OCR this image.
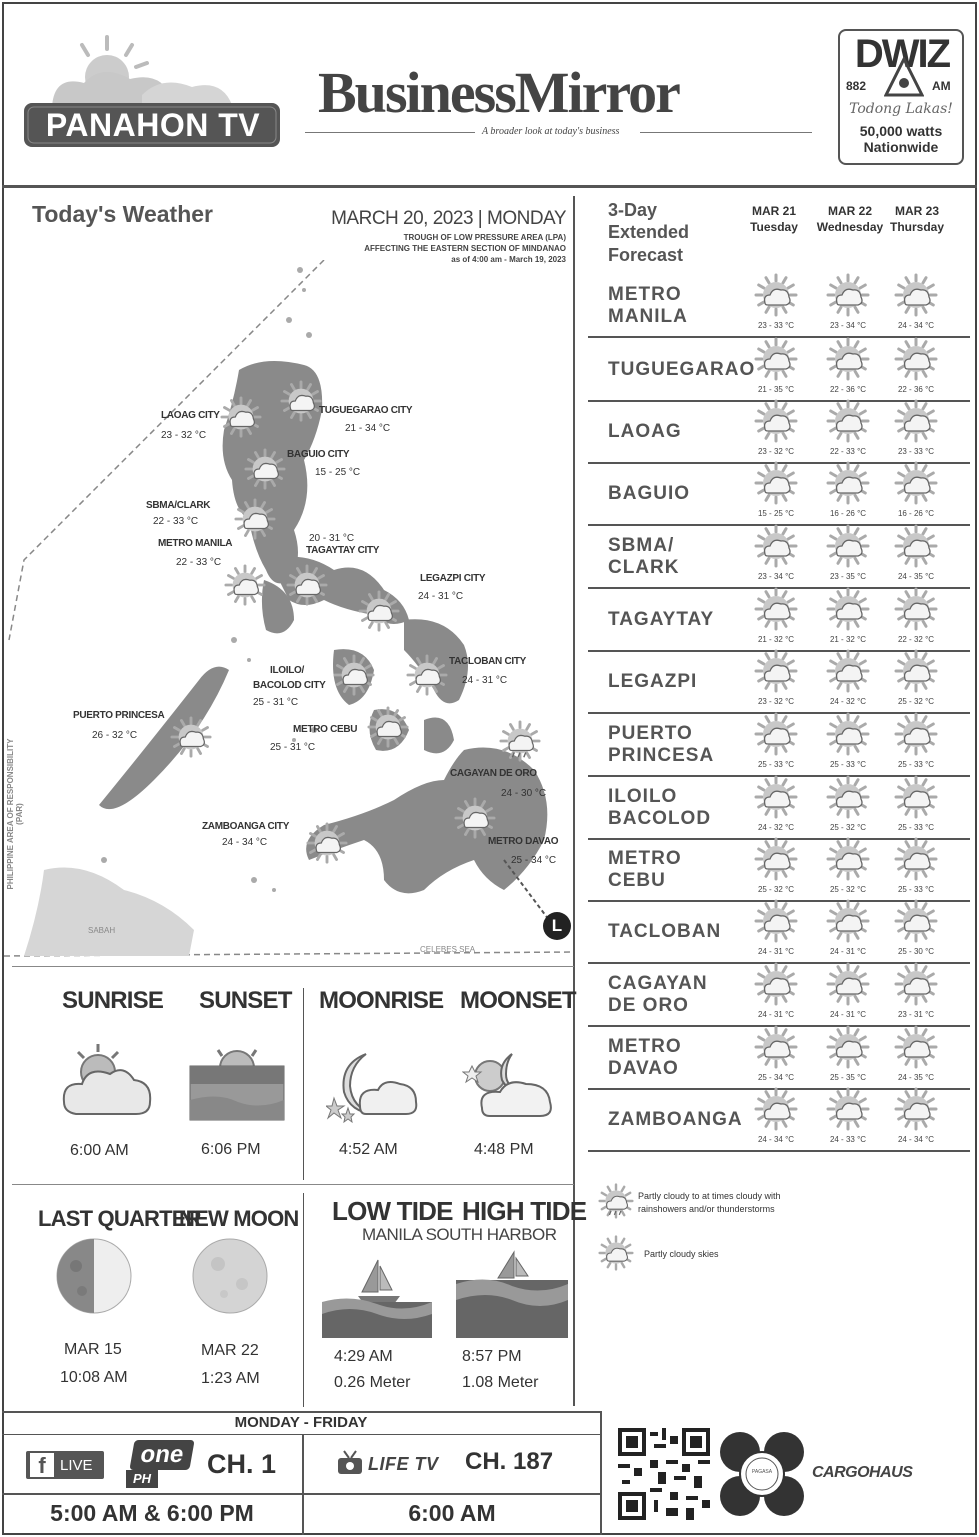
PANAHON TV BusinessMirror
A broader look at today's business
DWIZ
882	AM
Todong Lakas!
50,000 watts
Nationwide
Today's Weather	MARCH 20, 2023 | MONDAY
TROUGH OF LOW PRESSURE AREA (LPA)
AFFECTING THE EASTERN SECTION OF MINDANAO
as of 4:00 am - March 19, 2023
PHILIPPINE AREA OF RESPONSIBILITY (PAR)
SABAH
CELEBES SEA
L
LAOAG CITY
23 - 32 °C
TUGUEGARAO CITY
21 - 34 °C
BAGUIO CITY
15 - 25 °C
SBMA/CLARK
22 - 33 °C
METRO MANILA
22 - 33 °C
20 - 31 °C
TAGAYTAY CITY
LEGAZPI CITY
24 - 31 °C
ILOILO/
BACOLOD CITY
25 - 31 °C
TACLOBAN CITY
24 - 31 °C
PUERTO PRINCESA
26 - 32 °C
METRO CEBU
25 - 31 °C
CAGAYAN DE ORO
24 - 30 °C
ZAMBOANGA CITY
24 - 34 °C	METRO DAVAO
25 - 34 °C
3-Day
Extended
Forecast
MAR 21
Tuesday
MAR 22
Wednesday
MAR 23
Thursday
METRO
MANILA	23 - 33 °C	23 - 34 °C	24 - 34 °C
TUGUEGARAO
21 - 35 °C	22 - 36 °C	22 - 36 °C
LAOAG
23 - 32 °C	22 - 33 °C	23 - 33 °C
BAGUIO
15 - 25 °C	16 - 26 °C	16 - 26 °C
SBMA/
CLARK	23 - 34 °C	23 - 35 °C	24 - 35 °C
TAGAYTAY
21 - 32 °C	21 - 32 °C	22 - 32 °C
LEGAZPI
23 - 32 °C	24 - 32 °C	25 - 32 °C
PUERTO
PRINCESA	25 - 33 °C	25 - 33 °C	25 - 33 °C
ILOILO
BACOLOD	24 - 32 °C	25 - 32 °C	25 - 33 °C
METRO
CEBU	25 - 32 °C	25 - 32 °C	25 - 33 °C
TACLOBAN
24 - 31 °C	24 - 31 °C	25 - 30 °C
CAGAYAN
DE ORO	24 - 31 °C	24 - 31 °C	23 - 31 °C
METRO
DAVAO	25 - 34 °C	25 - 35 °C	24 - 35 °C
ZAMBOANGA
24 - 34 °C	24 - 33 °C	24 - 34 °C
Partly cloudy to at times cloudy with
rainshowers and/or thunderstorms
Partly cloudy skies
SUNRISE SUNSET MOONRISE MOONSET
6:00 AM	6:06 PM	4:52 AM	4:48 PM
LAST QUARTER
NEW MOON
MAR 15
10:08 AM
MAR 22
1:23 AM
LOW TIDE HIGH TIDE
MANILA SOUTH HARBOR
4:29 AM
0.26 Meter
8:57 PM
1.08 Meter
MONDAY - FRIDAY
f LIVE	one
PH CH. 1	LIFE TV CH. 187
5:00 AM & 6:00 PM	6:00 AM
PAGASA	CARGOHAUS
